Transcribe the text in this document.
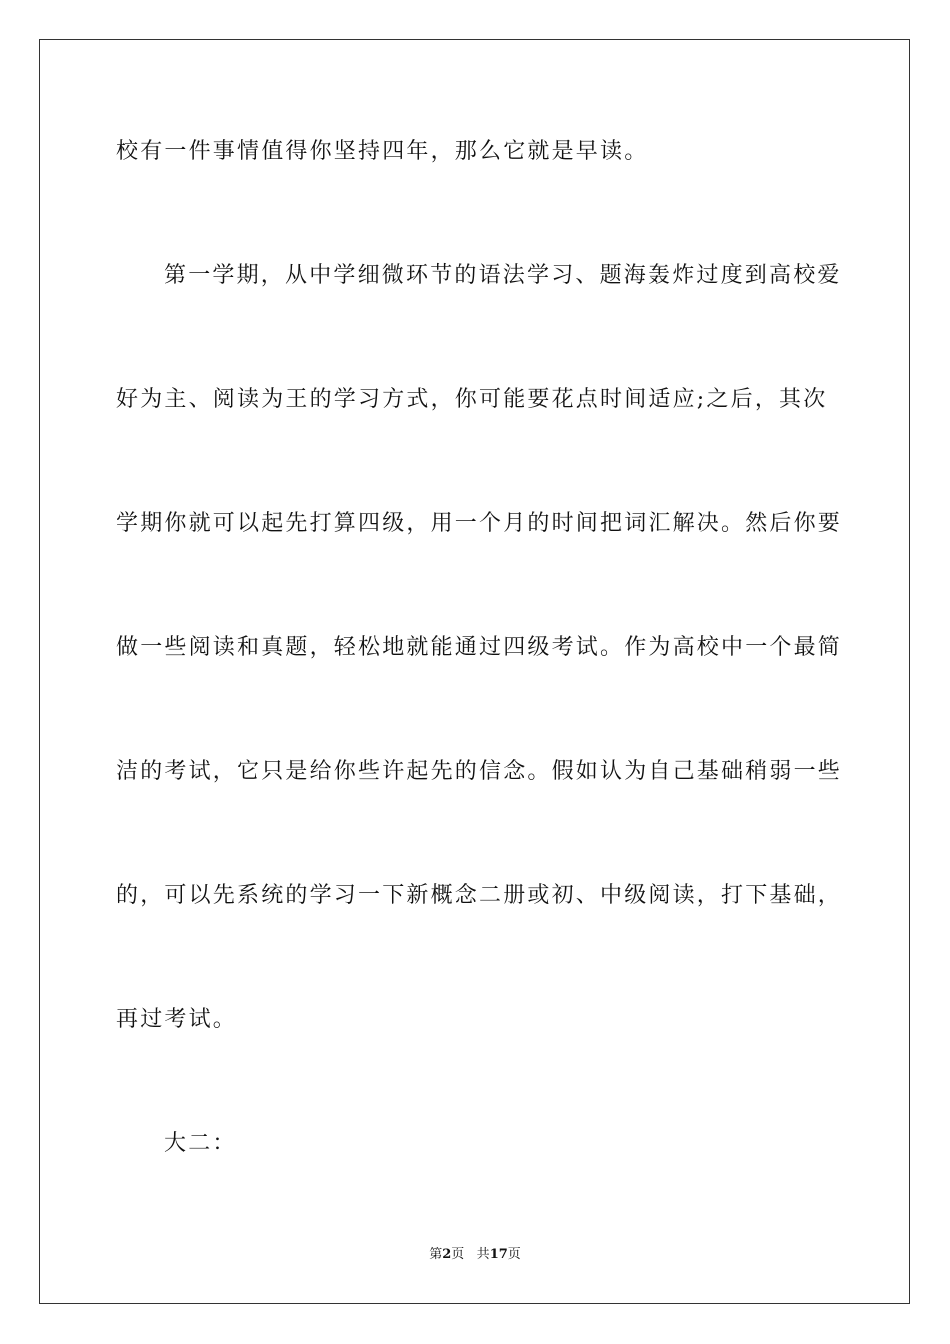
校有一件事情值得你坚持四年，那么它就是早读。
第一学期，从中学细微环节的语法学习、题海轰炸过度到高校爱
好为主、阅读为王的学习方式，你可能要花点时间适应;之后，其次
学期你就可以起先打算四级，用一个月的时间把词汇解决。然后你要
做一些阅读和真题，轻松地就能通过四级考试。作为高校中一个最简
洁的考试，它只是给你些许起先的信念。假如认为自己基础稍弱一些
的，可以先系统的学习一下新概念二册或初、中级阅读，打下基础，
再过考试。
大二：
第2页 共17页
